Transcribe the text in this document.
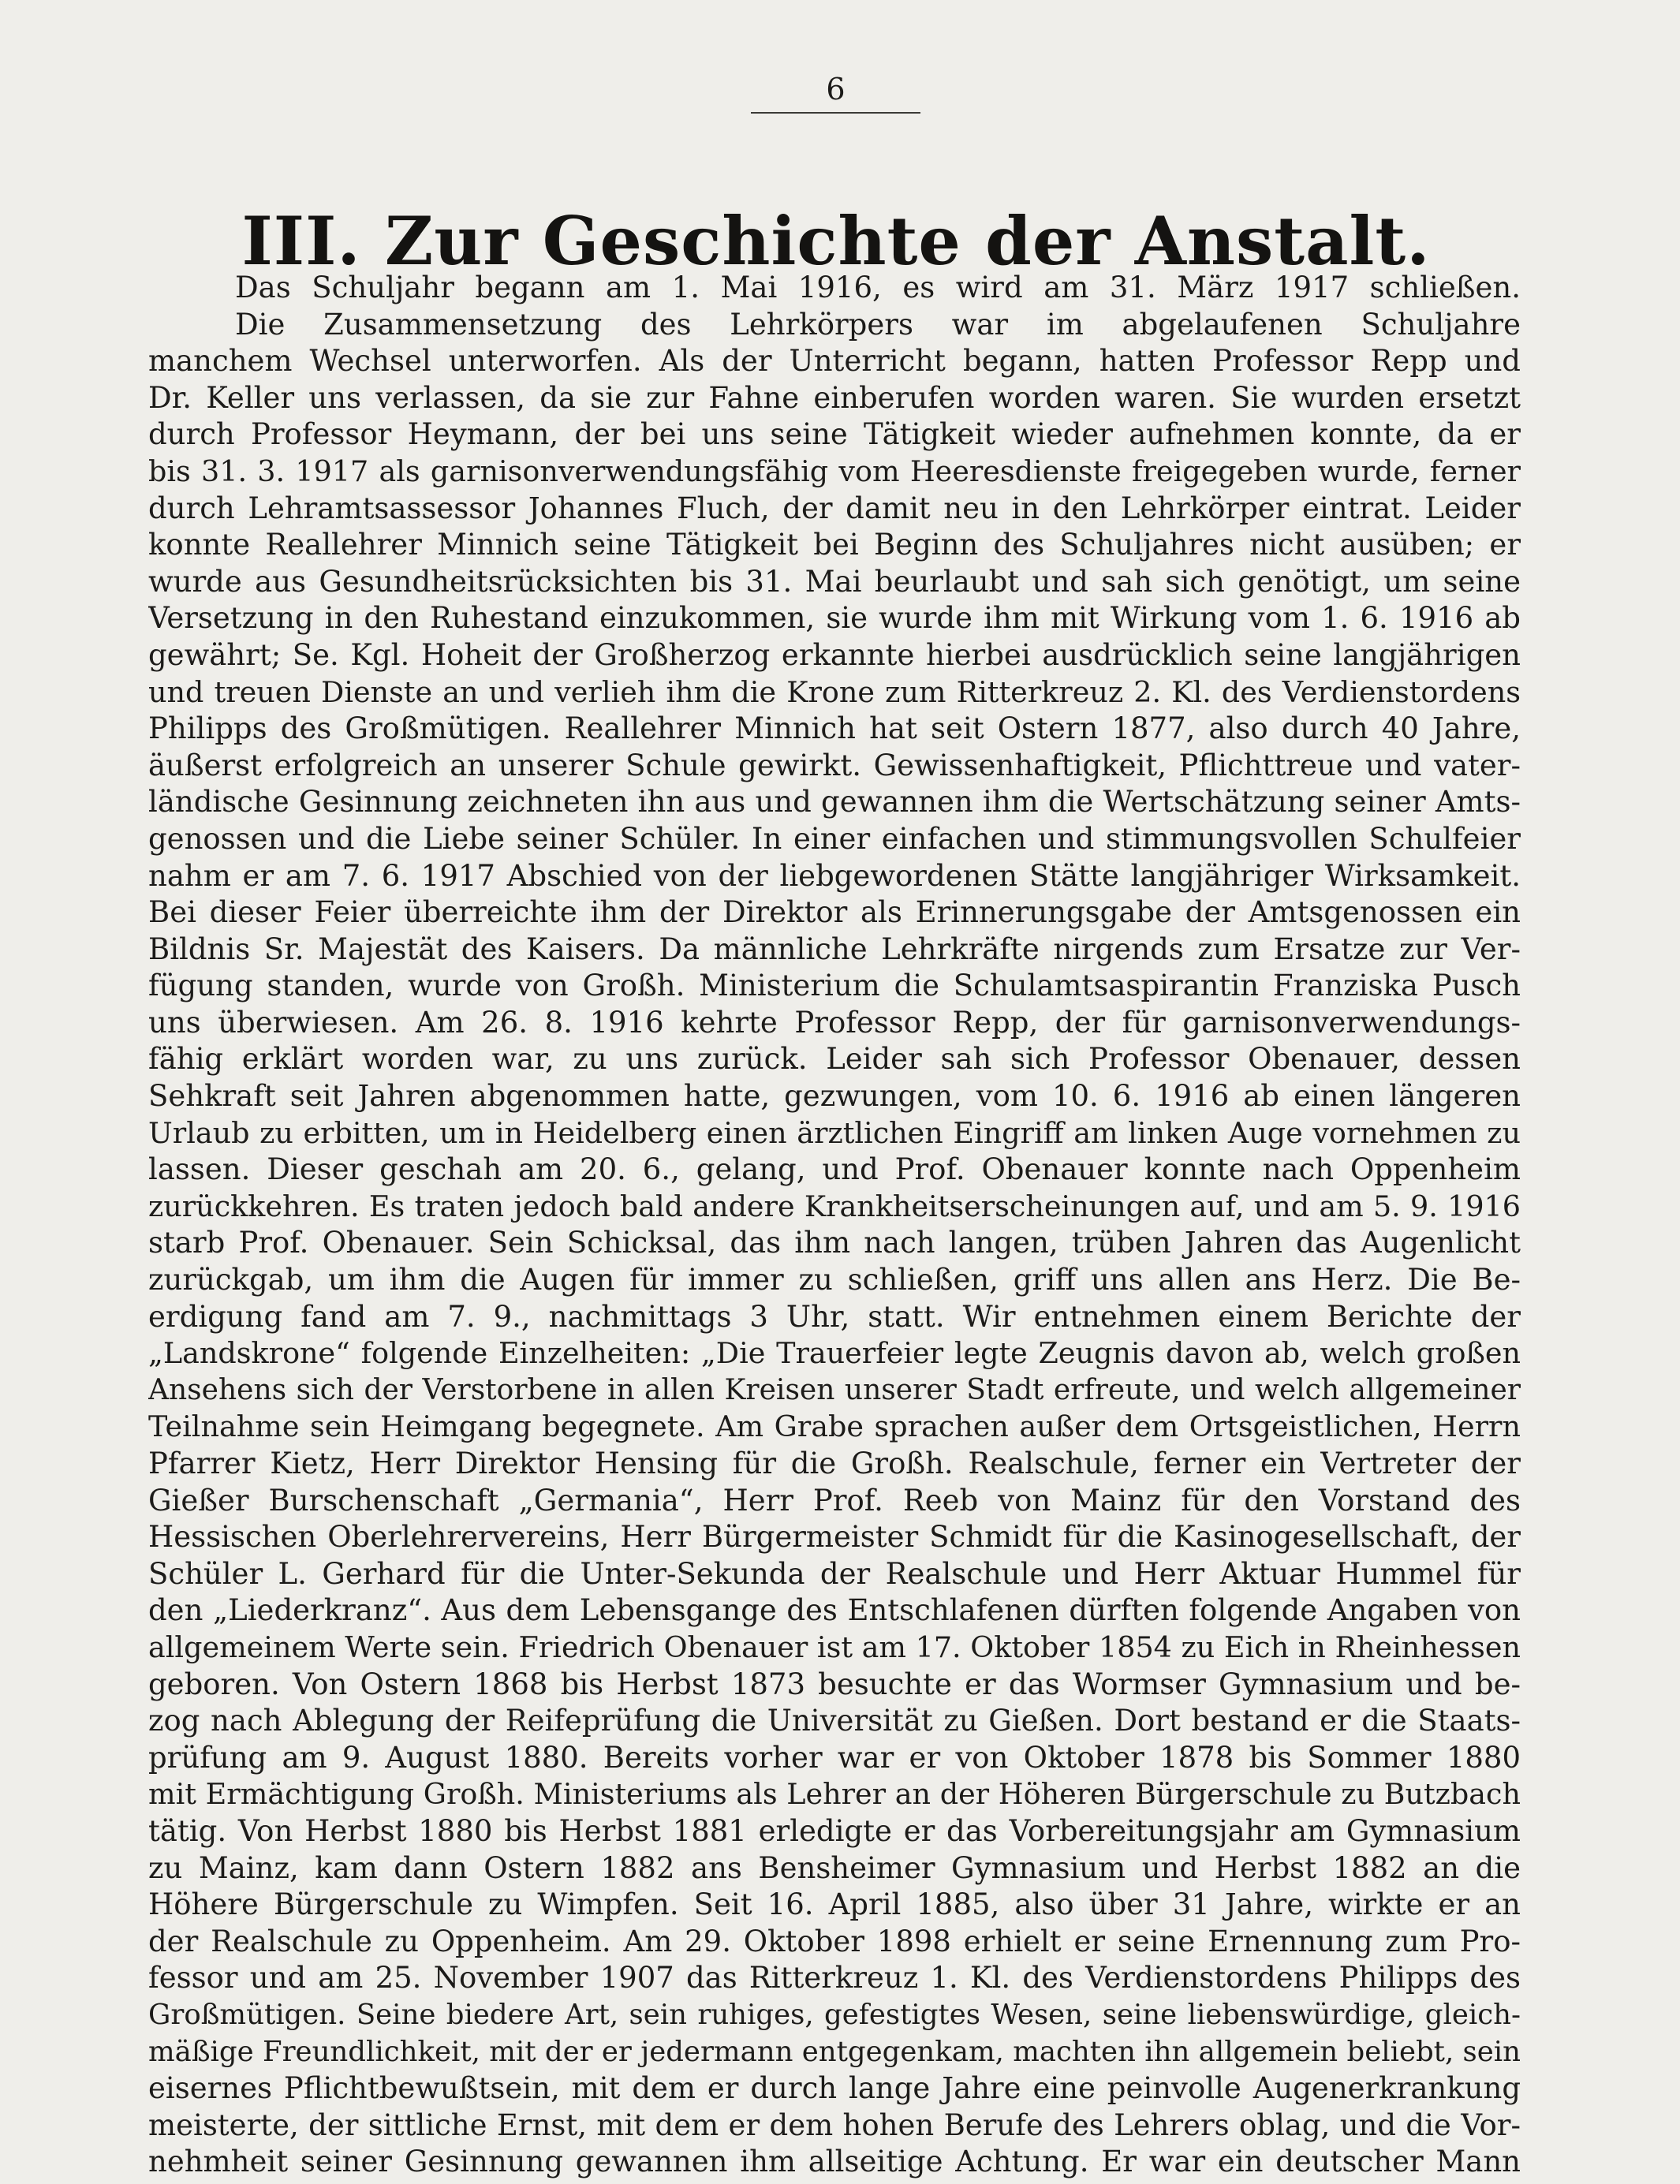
6
III. Zur Geschichte der Anstalt.
Das Schuljahr begann am 1. Mai 1916, es wird am 31. März 1917 schließen.
Die Zusammensetzung des Lehrkörpers war im abgelaufenen Schuljahre
manchem Wechsel unterworfen. Als der Unterricht begann, hatten Professor Repp und
Dr. Keller uns verlassen, da sie zur Fahne einberufen worden waren. Sie wurden ersetzt
durch Professor Heymann, der bei uns seine Tätigkeit wieder aufnehmen konnte, da er
bis 31. 3. 1917 als garnisonverwendungsfähig vom Heeresdienste freigegeben wurde, ferner
durch Lehramtsassessor Johannes Fluch, der damit neu in den Lehrkörper eintrat. Leider
konnte Reallehrer Minnich seine Tätigkeit bei Beginn des Schuljahres nicht ausüben; er
wurde aus Gesundheitsrücksichten bis 31. Mai beurlaubt und sah sich genötigt, um seine
Versetzung in den Ruhestand einzukommen, sie wurde ihm mit Wirkung vom 1. 6. 1916 ab
gewährt; Se. Kgl. Hoheit der Großherzog erkannte hierbei ausdrücklich seine langjährigen
und treuen Dienste an und verlieh ihm die Krone zum Ritterkreuz 2. Kl. des Verdienstordens
Philipps des Großmütigen. Reallehrer Minnich hat seit Ostern 1877, also durch 40 Jahre,
äußerst erfolgreich an unserer Schule gewirkt. Gewissenhaftigkeit, Pflichttreue und vater-
ländische Gesinnung zeichneten ihn aus und gewannen ihm die Wertschätzung seiner Amts-
genossen und die Liebe seiner Schüler. In einer einfachen und stimmungsvollen Schulfeier
nahm er am 7. 6. 1917 Abschied von der liebgewordenen Stätte langjähriger Wirksamkeit.
Bei dieser Feier überreichte ihm der Direktor als Erinnerungsgabe der Amtsgenossen ein
Bildnis Sr. Majestät des Kaisers. Da männliche Lehrkräfte nirgends zum Ersatze zur Ver-
fügung standen, wurde von Großh. Ministerium die Schulamtsaspirantin Franziska Pusch
uns überwiesen. Am 26. 8. 1916 kehrte Professor Repp, der für garnisonverwendungs-
fähig erklärt worden war, zu uns zurück. Leider sah sich Professor Obenauer, dessen
Sehkraft seit Jahren abgenommen hatte, gezwungen, vom 10. 6. 1916 ab einen längeren
Urlaub zu erbitten, um in Heidelberg einen ärztlichen Eingriff am linken Auge vornehmen zu
lassen. Dieser geschah am 20. 6., gelang, und Prof. Obenauer konnte nach Oppenheim
zurückkehren. Es traten jedoch bald andere Krankheitserscheinungen auf, und am 5. 9. 1916
starb Prof. Obenauer. Sein Schicksal, das ihm nach langen, trüben Jahren das Augenlicht
zurückgab, um ihm die Augen für immer zu schließen, griff uns allen ans Herz. Die Be-
erdigung fand am 7. 9., nachmittags 3 Uhr, statt. Wir entnehmen einem Berichte der
„Landskrone“ folgende Einzelheiten: „Die Trauerfeier legte Zeugnis davon ab, welch großen
Ansehens sich der Verstorbene in allen Kreisen unserer Stadt erfreute, und welch allgemeiner
Teilnahme sein Heimgang begegnete. Am Grabe sprachen außer dem Ortsgeistlichen, Herrn
Pfarrer Kietz, Herr Direktor Hensing für die Großh. Realschule, ferner ein Vertreter der
Gießer Burschenschaft „Germania“, Herr Prof. Reeb von Mainz für den Vorstand des
Hessischen Oberlehrervereins, Herr Bürgermeister Schmidt für die Kasinogesellschaft, der
Schüler L. Gerhard für die Unter-Sekunda der Realschule und Herr Aktuar Hummel für
den „Liederkranz“. Aus dem Lebensgange des Entschlafenen dürften folgende Angaben von
allgemeinem Werte sein. Friedrich Obenauer ist am 17. Oktober 1854 zu Eich in Rheinhessen
geboren. Von Ostern 1868 bis Herbst 1873 besuchte er das Wormser Gymnasium und be-
zog nach Ablegung der Reifeprüfung die Universität zu Gießen. Dort bestand er die Staats-
prüfung am 9. August 1880. Bereits vorher war er von Oktober 1878 bis Sommer 1880
mit Ermächtigung Großh. Ministeriums als Lehrer an der Höheren Bürgerschule zu Butzbach
tätig. Von Herbst 1880 bis Herbst 1881 erledigte er das Vorbereitungsjahr am Gymnasium
zu Mainz, kam dann Ostern 1882 ans Bensheimer Gymnasium und Herbst 1882 an die
Höhere Bürgerschule zu Wimpfen. Seit 16. April 1885, also über 31 Jahre, wirkte er an
der Realschule zu Oppenheim. Am 29. Oktober 1898 erhielt er seine Ernennung zum Pro-
fessor und am 25. November 1907 das Ritterkreuz 1. Kl. des Verdienstordens Philipps des
Großmütigen. Seine biedere Art, sein ruhiges, gefestigtes Wesen, seine liebenswürdige, gleich-
mäßige Freundlichkeit, mit der er jedermann entgegenkam, machten ihn allgemein beliebt, sein
eisernes Pflichtbewußtsein, mit dem er durch lange Jahre eine peinvolle Augenerkrankung
meisterte, der sittliche Ernst, mit dem er dem hohen Berufe des Lehrers oblag, und die Vor-
nehmheit seiner Gesinnung gewannen ihm allseitige Achtung. Er war ein deutscher Mann
